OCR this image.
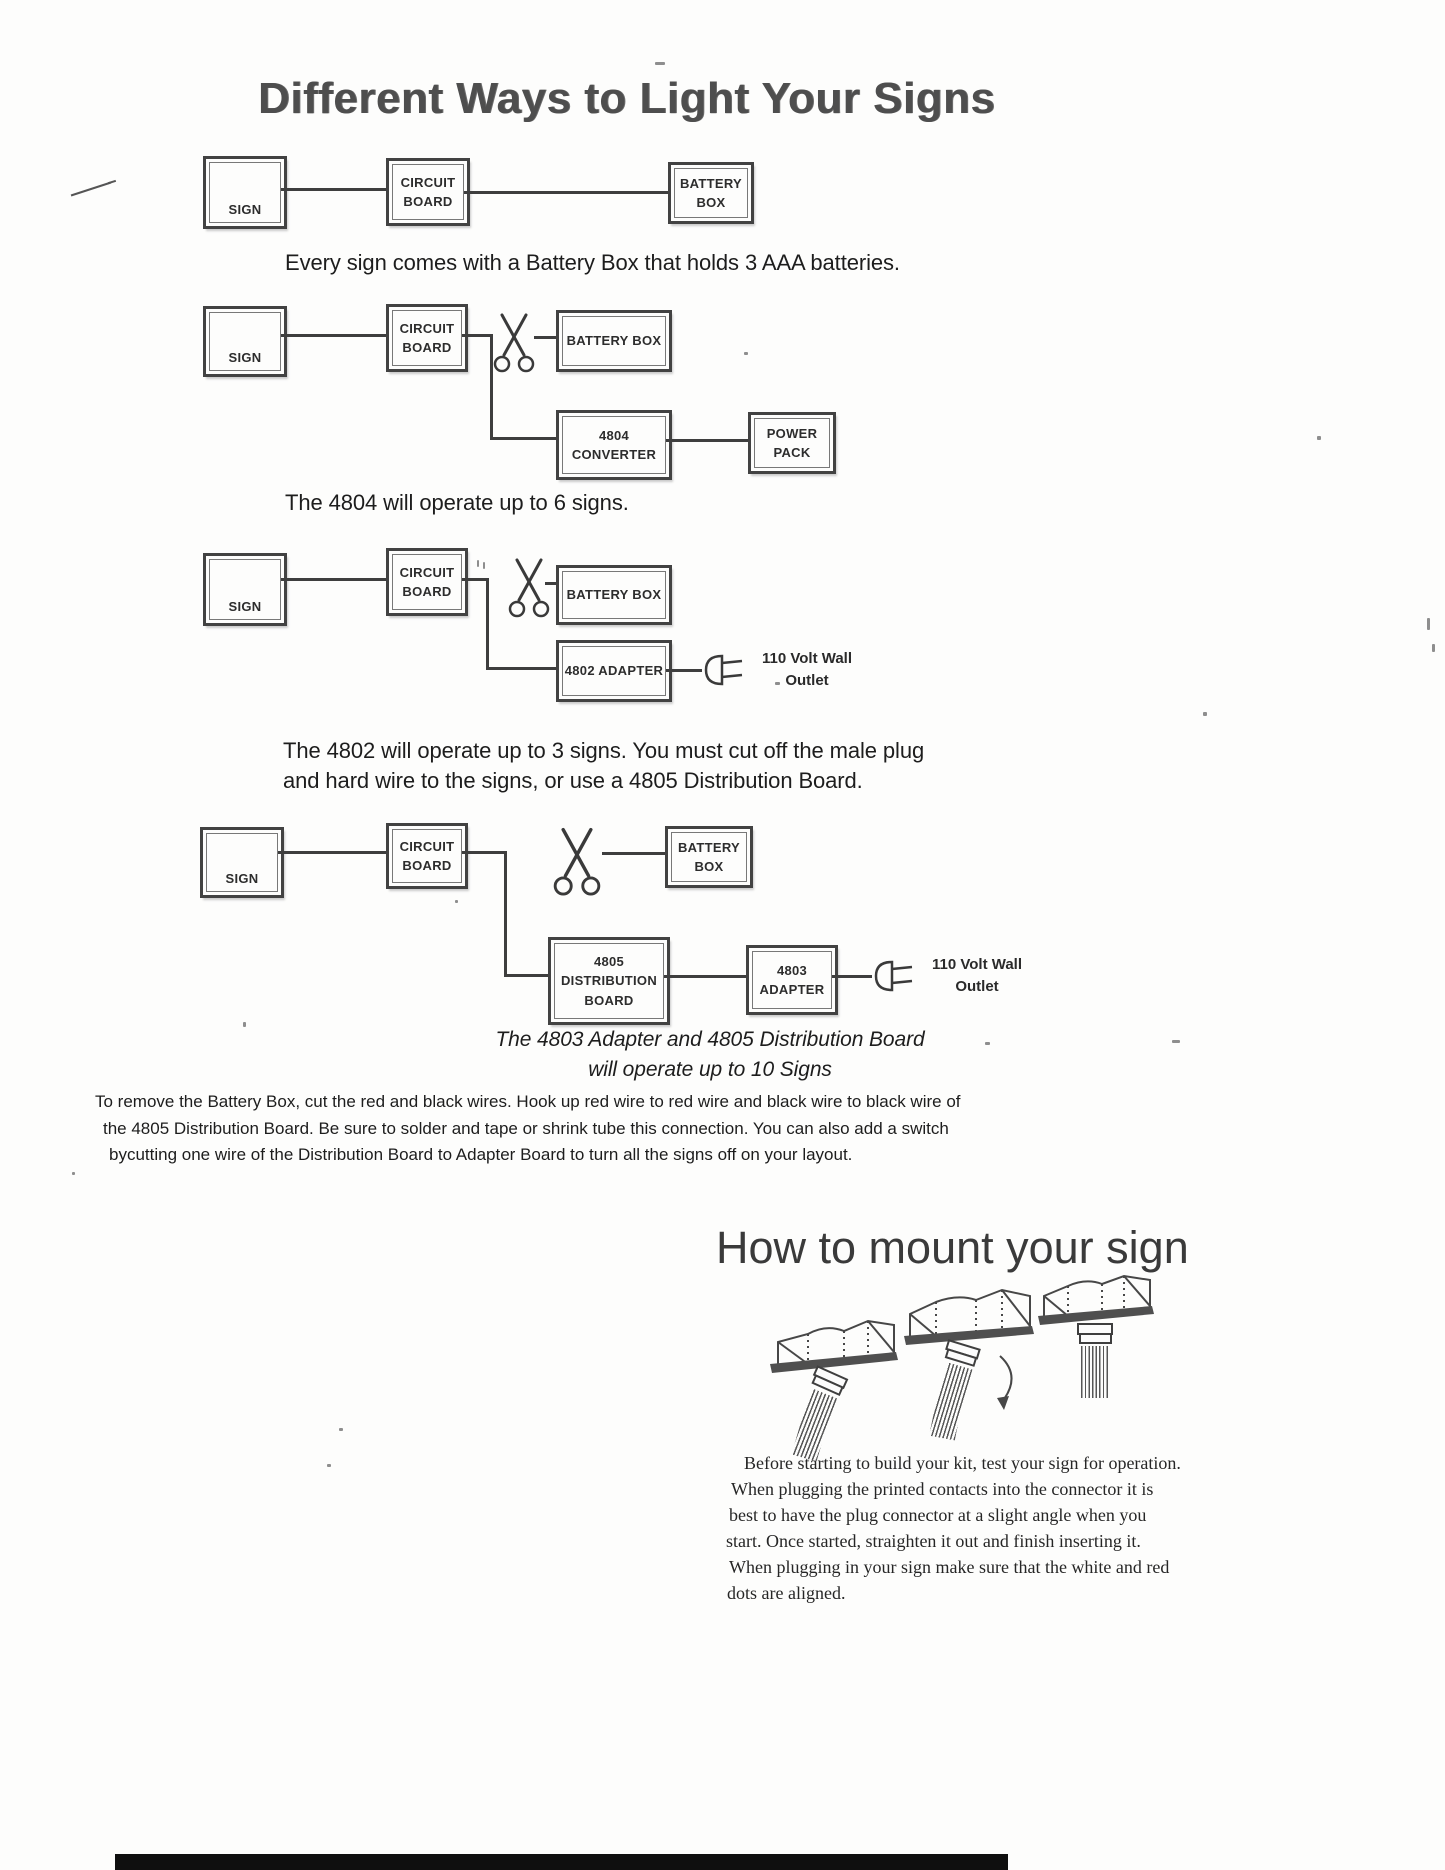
Different Ways to Light Your Signs
SIGN
CIRCUIT
BOARD
BATTERY
BOX
Every sign comes with a Battery Box that holds 3 AAA batteries.
SIGN
CIRCUIT
BOARD	BATTERY BOX
4804
CONVERTER
POWER
PACK
The 4804 will operate up to 6 signs.
SIGN
CIRCUIT
BOARD	BATTERY BOX
4802 ADAPTER
110 Volt Wall
Outlet
The 4802 will operate up to 3 signs. You must cut off the male plug
and hard wire to the signs, or use a 4805 Distribution Board.
SIGN
CIRCUIT
BOARD
BATTERY
BOX
4805
DISTRIBUTION
BOARD
4803
ADAPTER
110 Volt Wall
Outlet
The 4803 Adapter and 4805 Distribution Board
will operate up to 10 Signs
To remove the Battery Box, cut the red and black wires. Hook up red wire to red wire and black wire to black wire of
the 4805 Distribution Board. Be sure to solder and tape or shrink tube this connection. You can also add a switch
bycutting one wire of the Distribution Board to Adapter Board to turn all the signs off on your layout.
How to mount your sign
Before starting to build your kit, test your sign for operation.
When plugging the printed contacts into the connector it is
best to have the plug connector at a slight angle when you
start. Once started, straighten it out and finish inserting it.
When plugging in your sign make sure that the white and red
dots are aligned.
